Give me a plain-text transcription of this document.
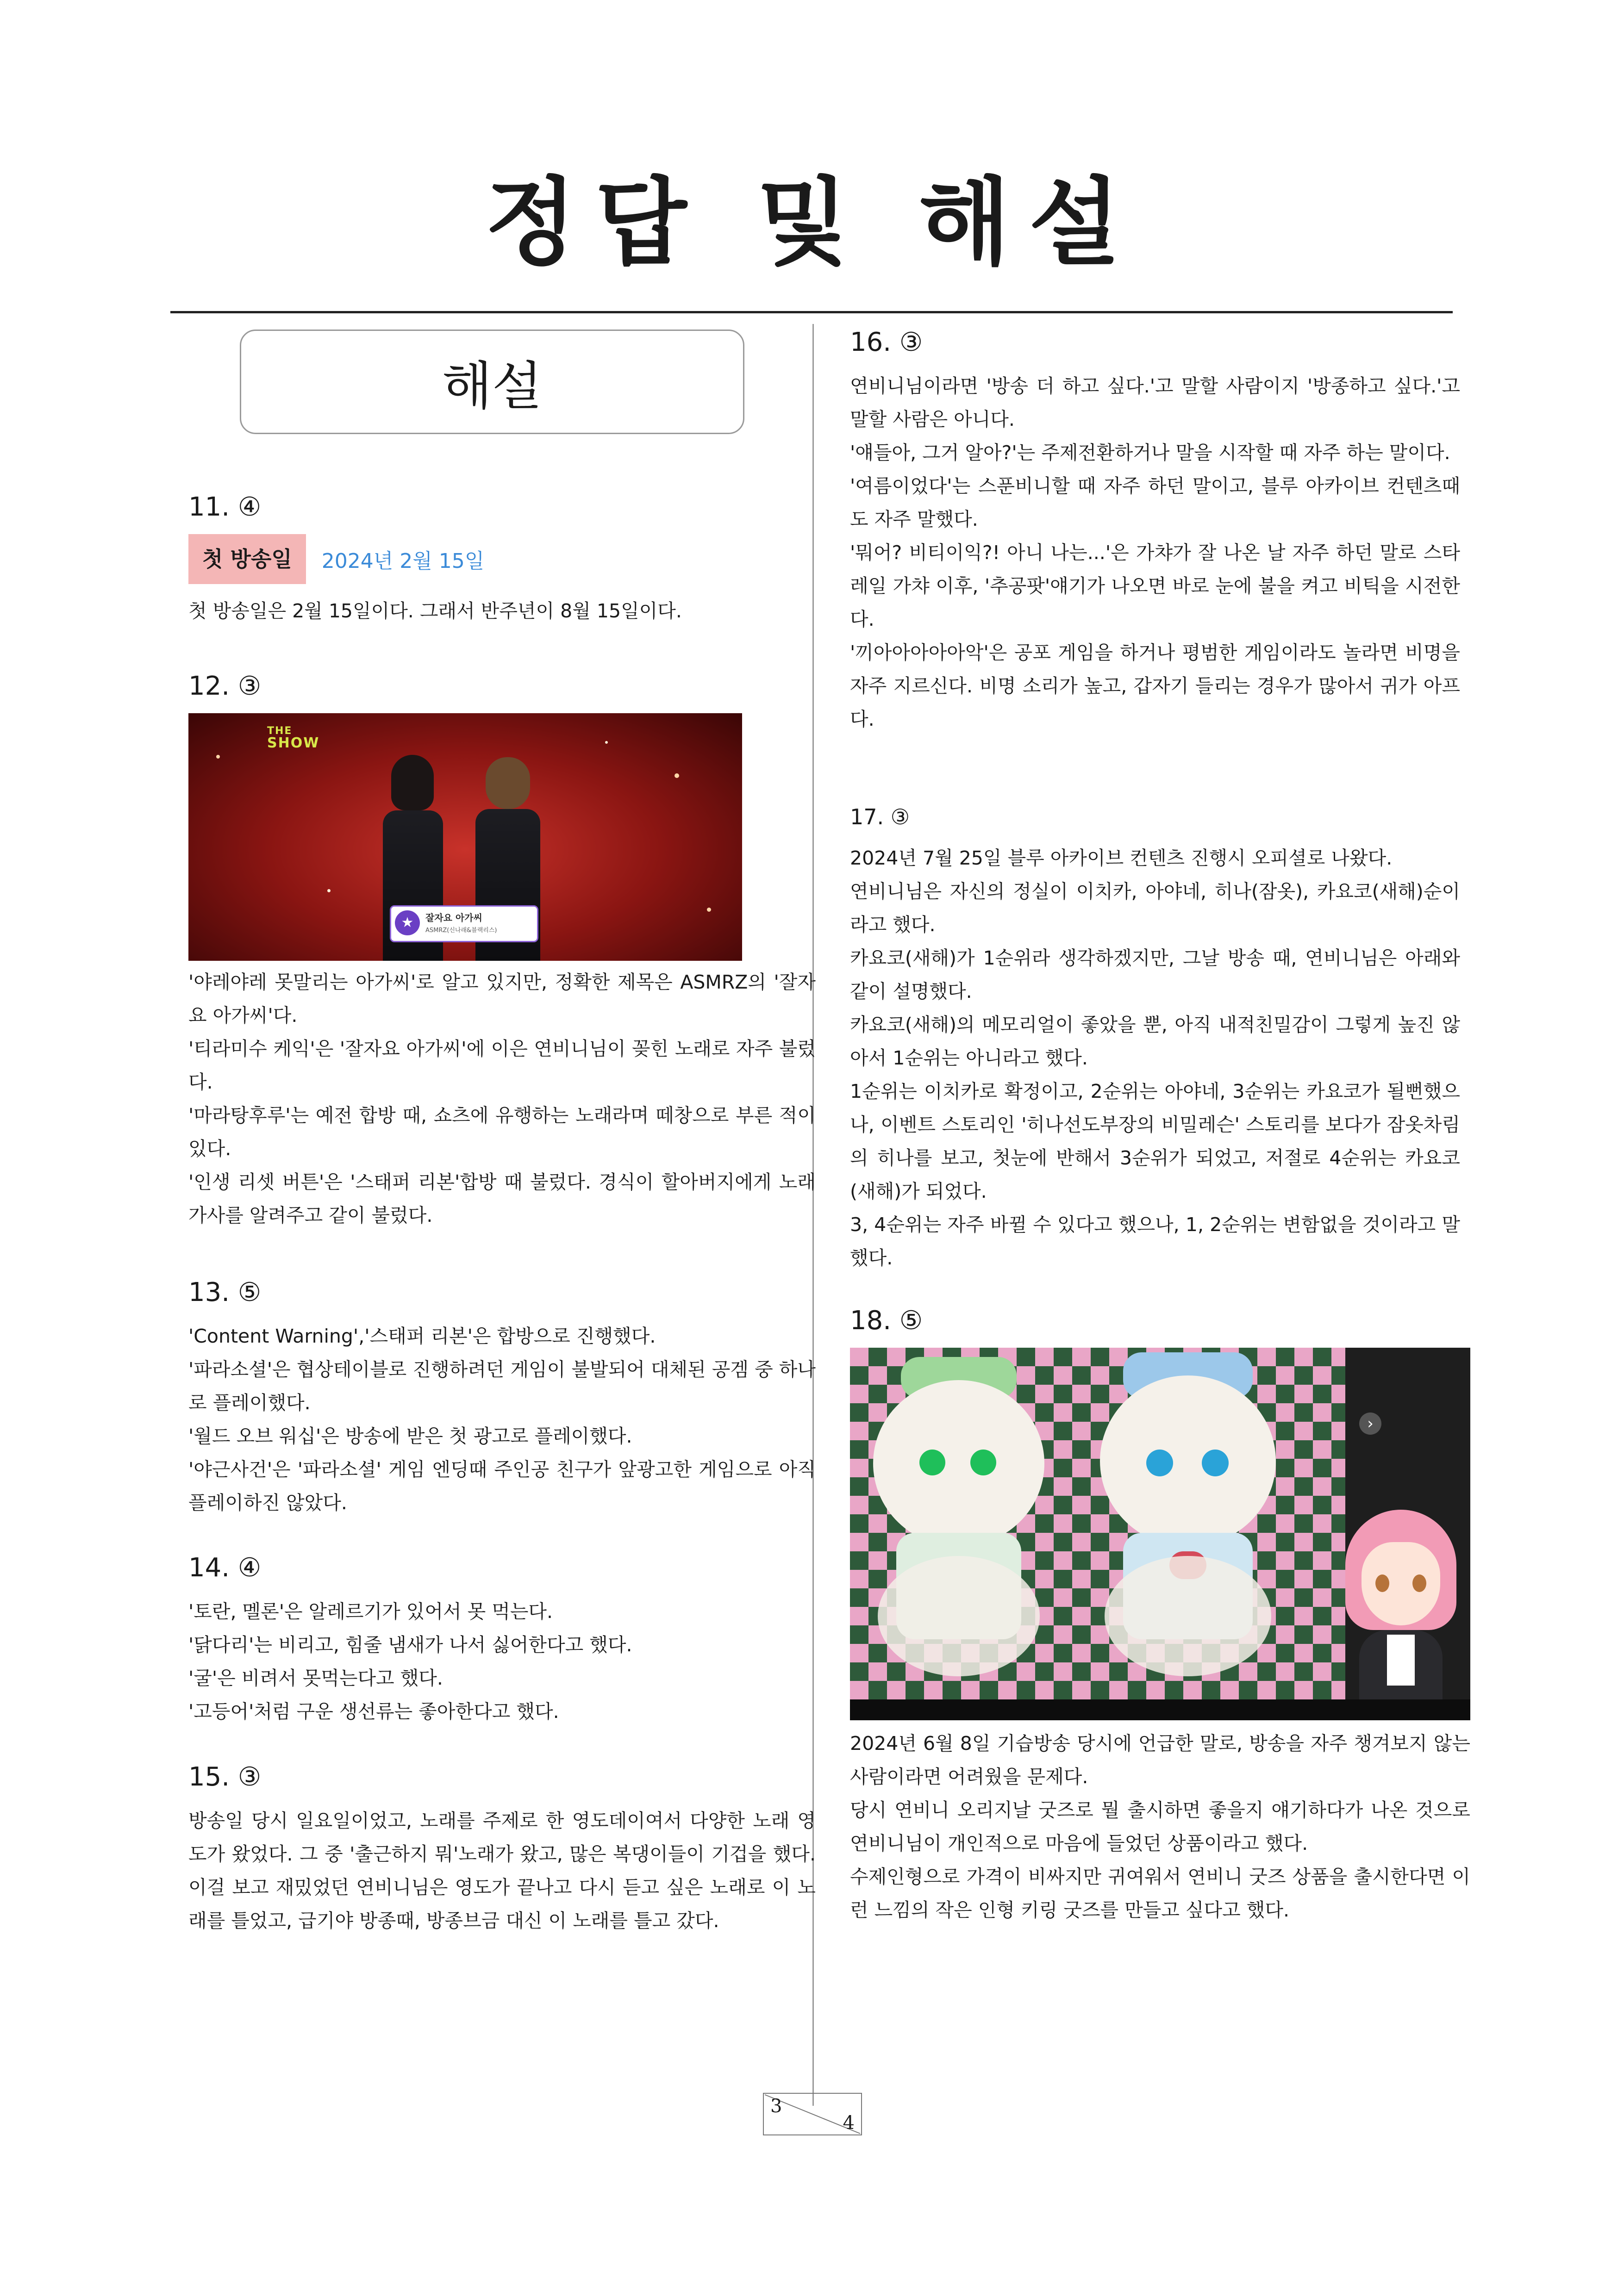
정답 및 해설
해설
11. ④
첫 방송일	2024년 2월 15일

첫 방송일은 2월 15일이다. 그래서 반주년이 8월 15일이다.

12. ③
THE
SHOW
★	잘자요 아가씨
ASMRZ(신나래&블랙리스)

'야레야레 못말리는 아가씨'로 알고 있지만, 정확한 제목은 ASMRZ의 '잘자요 아가씨'다.

'티라미수 케익'은 '잘자요 아가씨'에 이은 연비니님이 꽂힌 노래로 자주 불렀다.

'마라탕후루'는 예전 합방 때, 쇼츠에 유행하는 노래라며 떼창으로 부른 적이 있다.

'인생 리셋 버튼'은 '스태퍼 리본'합방 때 불렀다. 경식이 할아버지에게 노래 가사를 알려주고 같이 불렀다.

13. ⑤

'Content Warning','스태퍼 리본'은 합방으로 진행했다.

'파라소셜'은 협상테이블로 진행하려던 게임이 불발되어 대체된 공겜 중 하나로 플레이했다.

'월드 오브 워십'은 방송에 받은 첫 광고로 플레이했다.

'야근사건'은 '파라소셜' 게임 엔딩때 주인공 친구가 앞광고한 게임으로 아직 플레이하진 않았다.

14. ④

'토란, 멜론'은 알레르기가 있어서 못 먹는다.

'닭다리'는 비리고, 힘줄 냄새가 나서 싫어한다고 했다.

'굴'은 비려서 못먹는다고 했다.

'고등어'처럼 구운 생선류는 좋아한다고 했다.

15. ③

방송일 당시 일요일이었고, 노래를 주제로 한 영도데이여서 다양한 노래 영도가 왔었다. 그 중 '출근하지 뭐'노래가 왔고, 많은 복댕이들이 기겁을 했다. 이걸 보고 재밌었던 연비니님은 영도가 끝나고 다시 듣고 싶은 노래로 이 노래를 틀었고, 급기야 방종때, 방종브금 대신 이 노래를 틀고 갔다.

16. ③

연비니님이라면 '방송 더 하고 싶다.'고 말할 사람이지 '방종하고 싶다.'고 말할 사람은 아니다.

'얘들아, 그거 알아?'는 주제전환하거나 말을 시작할 때 자주 하는 말이다.

'여름이었다'는 스푼비니할 때 자주 하던 말이고, 블루 아카이브 컨텐츠때도 자주 말했다.

'뭐어? 비티이익?! 아니 나는...'은 가챠가 잘 나온 날 자주 하던 말로 스타레일 가챠 이후, '추공팟'얘기가 나오면 바로 눈에 불을 켜고 비틱을 시전한다.

'끼아아아아아악'은 공포 게임을 하거나 평범한 게임이라도 놀라면 비명을 자주 지르신다. 비명 소리가 높고, 갑자기 들리는 경우가 많아서 귀가 아프다.

17. ③

2024년 7월 25일 블루 아카이브 컨텐츠 진행시 오피셜로 나왔다.

연비니님은 자신의 정실이 이치카, 아야네, 히나(잠옷), 카요코(새해)순이라고 했다.

카요코(새해)가 1순위라 생각하겠지만, 그날 방송 때, 연비니님은 아래와 같이 설명했다.

카요코(새해)의 메모리얼이 좋았을 뿐, 아직 내적친밀감이 그렇게 높진 않아서 1순위는 아니라고 했다.

1순위는 이치카로 확정이고, 2순위는 아야네, 3순위는 카요코가 될뻔했으나, 이벤트 스토리인 '히나선도부장의 비밀레슨' 스토리를 보다가 잠옷차림의 히나를 보고, 첫눈에 반해서 3순위가 되었고, 저절로 4순위는 카요코(새해)가 되었다.

3, 4순위는 자주 바뀔 수 있다고 했으나, 1, 2순위는 변함없을 것이라고 말했다.

18. ⑤
›

2024년 6월 8일 기습방송 당시에 언급한 말로, 방송을 자주 챙겨보지 않는 사람이라면 어려웠을 문제다.

당시 연비니 오리지날 굿즈로 뭘 출시하면 좋을지 얘기하다가 나온 것으로 연비니님이 개인적으로 마음에 들었던 상품이라고 했다.

수제인형으로 가격이 비싸지만 귀여워서 연비니 굿즈 상품을 출시한다면 이런 느낌의 작은 인형 키링 굿즈를 만들고 싶다고 했다.

3
4
